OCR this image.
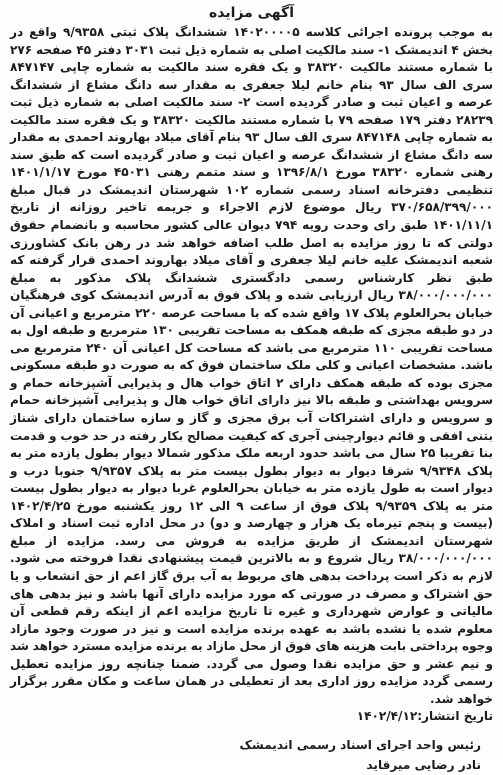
آگهی مزایده

به موجب پرونده اجرائی کلاسه ۱۴۰۲۰۰۰۰۵ ششدانگ پلاک ثبتی ۹/۹۳۵۸ واقع در بخش ۴ اندیمشک ۱- سند مالکیت اصلی به شماره ذیل ثبت ۳۰۳۱ دفتر ۴۵ صفحه ۲۷۶ با شماره مستند مالکیت ۳۸۳۲۰ و یک فقره سند مالکیت به شماره چاپی ۸۴۷۱۴۷ سری الف سال ۹۳ بنام خانم لیلا جعفری به مقدار سه دانگ مشاع از ششدانگ عرصه و اعیان ثبت و صادر گردیده است ۲- سند مالکیت اصلی به شماره ذیل ثبت ۲۸۲۳۹ دفتر ۱۷۹ صفحه ۷۹ با شماره مستند مالکیت ۳۸۳۲۰ و یک فقره سند مالکیت به شماره چاپی ۸۴۷۱۴۸ سری الف سال ۹۳ بنام آقای میلاد بهاروند احمدی به مقدار سه دانگ مشاع از ششدانگ عرصه و اعیان ثبت و صادر گردیده است که طبق سند رهنی شماره ۳۸۳۲۰ مورخ ۱۳۹۶/۸/۱ و سند متمم رهنی ۴۵۰۳۱ مورخ ۱۴۰۱/۱/۱۷ تنظیمی دفترخانه اسناد رسمی شماره ۱۰۲ شهرستان اندیمشک در قبال مبلغ ۳۷۰/۶۵۸/۳۹۹/۰۰۰ ریال موضوع لازم الاجراء و جریمه تاخیر روزانه از تاریخ ۱۴۰۱/۱۱/۱ طبق رای وحدت رویه ۷۹۴ دیوان عالی کشور محاسبه و بانضمام حقوق دولتی که تا روز مزایده به اصل طلب اضافه خواهد شد در رهن بانک کشاورزی شعبه اندیمشک علیه خانم لیلا جعفری و آقای میلاد بهاروند احمدی قرار گرفته که طبق نظر کارشناس رسمی دادگستری ششدانگ پلاک مذکور به مبلغ ۳۸/۰۰۰/۰۰۰/۰۰۰ ریال ارزیابی شده و پلاک فوق به آدرس اندیمشک کوی فرهنگیان خیابان بحرالعلوم پلاک ۱۷ واقع شده که با مساحت عرصه ۲۲۰ مترمربع و اعیانی آن در دو طبقه مجزی که طبقه همکف به مساحت تقریبی ۱۳۰ مترمربع و طبقه اول به مساحت تقریبی ۱۱۰ مترمربع می باشد که مساحت کل اعیانی آن ۲۴۰ مترمربع می باشد. مشخصات اعیانی و کلی ملک ساختمان فوق که به صورت دو طبقه مسکونی مجزی بوده که طبقه همکف دارای ۲ اتاق خواب هال و پذیرایی آشپزخانه حمام و سرویس بهداشتی و طبقه بالا نیز دارای اتاق خواب هال و پذیرایی آشپزخانه حمام و سرویس و دارای اشتراکات آب برق مجزی و گاز و سازه ساختمان دارای شناژ بتنی افقی و قائم دیوارچینی آجری که کیفیت مصالح بکار رفته در حد خوب و قدمت بنا تقریبا ۲۵ سال می باشد حدود اربعه ملک مذکور شمالا دیوار بطول یازده متر به پلاک ۹/۹۳۴۸ شرقا دیوار به دیوار بطول بیست متر به پلاک ۹/۹۳۵۷ جنوبا درب و دیوار است به طول یازده متر به خیابان بحرالعلوم غربا دیوار به دیوار بطول بیست متر به پلاک ۹/۹۳۵۹ پلاک فوق از ساعت ۹ الی ۱۲ روز یکشنبه مورخ ۱۴۰۲/۴/۲۵ (بیست و پنجم تیرماه یک هزار و چهارصد و دو) در محل اداره ثبت اسناد و املاک شهرستان اندیمشک از طریق مزایده به فروش می رسد. مزایده از مبلغ ۳۸/۰۰۰/۰۰۰/۰۰۰ ریال شروع و به بالاترین قیمت پیشنهادی نقدا فروخته می شود. لازم به ذکر است پرداخت بدهی های مربوط به آب برق گاز اعم از حق انشعاب و یا حق اشتراک و مصرف در صورتی که مورد مزایده دارای آنها باشد و نیز بدهی های مالیاتی و عوارض شهرداری و غیره تا تاریخ مزایده اعم از اینکه رقم قطعی آن معلوم شده یا نشده باشد به عهده برنده مزایده است و نیز در صورت وجود مازاد وجوه پرداختی بابت هزینه های فوق از محل مازاد به برنده مزایده مسترد خواهد شد و نیم عشر و حق مزایده نقدا وصول می گردد. ضمنا چنانچه روز مزایده تعطیل رسمی گردد مزایده روز اداری بعد از تعطیلی در همان ساعت و مکان مقرر برگزار خواهد شد.

تاریخ انتشار:۱۴۰۲/۴/۱۲

رئیس واحد اجرای اسناد رسمی اندیمشک
نادر رضایی میرقاید
